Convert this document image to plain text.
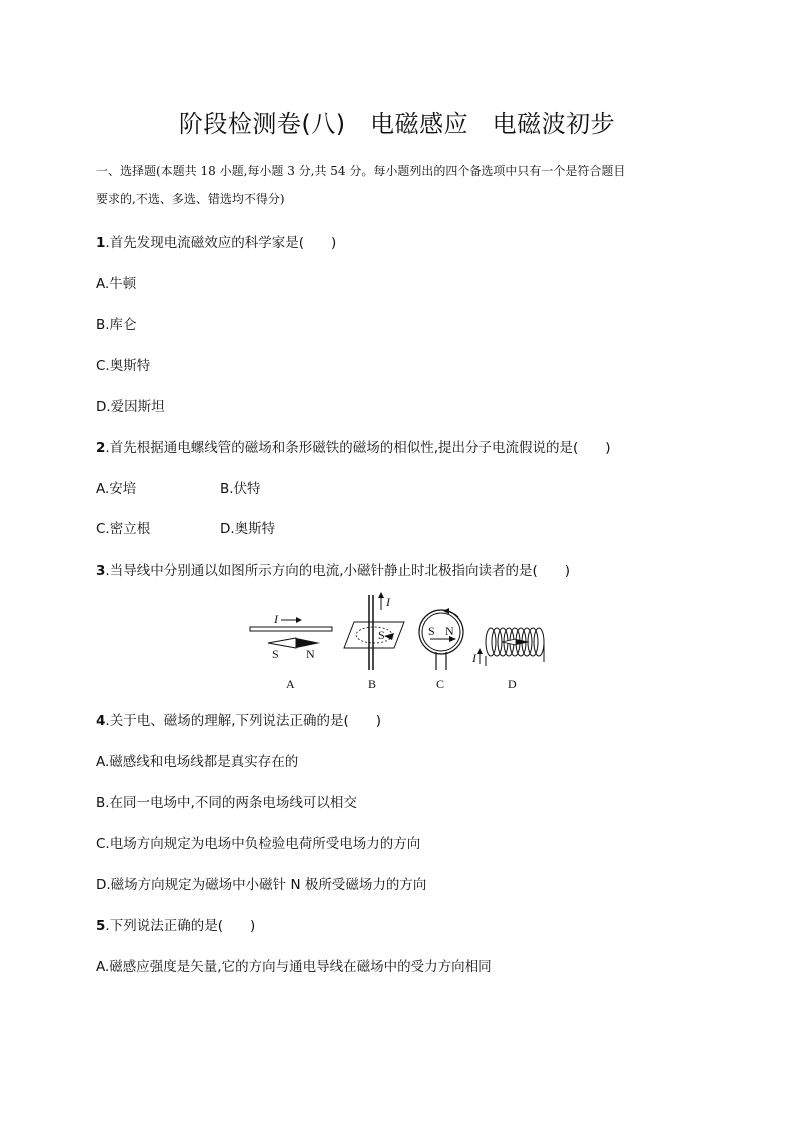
阶段检测卷(八)　电磁感应　电磁波初步
一、选择题(本题共 18 小题,每小题 3 分,共 54 分。每小题列出的四个备选项中只有一个是符合题目
要求的,不选、多选、错选均不得分)
1.首先发现电流磁效应的科学家是(　　)
A.牛顿
B.库仑
C.奥斯特
D.爱因斯坦
2.首先根据通电螺线管的磁场和条形磁铁的磁场的相似性,提出分子电流假说的是(　　)
A.安培	B.伏特
C.密立根	D.奥斯特
3.当导线中分别通以如图所示方向的电流,小磁针静止时北极指向读者的是(　　)
I
S N
A
I
S
B
S N
C
I
D
4.关于电、磁场的理解,下列说法正确的是(　　)
A.磁感线和电场线都是真实存在的
B.在同一电场中,不同的两条电场线可以相交
C.电场方向规定为电场中负检验电荷所受电场力的方向
D.磁场方向规定为磁场中小磁针 N 极所受磁场力的方向
5.下列说法正确的是(　　)
A.磁感应强度是矢量,它的方向与通电导线在磁场中的受力方向相同
